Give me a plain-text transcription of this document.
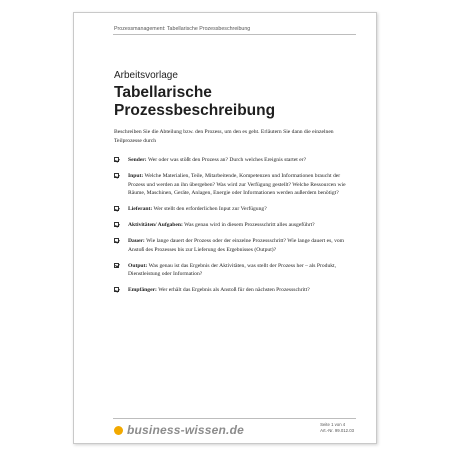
Prozessmanagement: Tabellarische Prozessbeschreibung
Arbeitsvorlage
Tabellarische
Prozessbeschreibung
Beschreiben Sie die Abteilung bzw. den Prozess, um den es geht. Erläutern Sie dann die einzelnen Teilprozesse durch
Sender: Wer oder was stößt den Prozess an? Durch welches Ereignis startet er?
Input: Welche Materialien, Teile, Mitarbeitende, Kompetenzen und Informationen braucht der Prozess und werden an ihn übergeben? Was wird zur Verfügung gestellt? Welche Ressourcen wie Räume, Maschinen, Geräte, Anlagen, Energie oder Informationen werden außerdem benötigt?
Lieferant: Wer stellt den erforderlichen Input zur Verfügung?
Aktivitäten/ Aufgaben: Was genau wird in diesem Prozessschritt alles ausgeführt?
Dauer: Wie lange dauert der Prozess oder der einzelne Prozessschritt? Wie lange dauert es, vom Anstoß des Prozesses bis zur Lieferung des Ergebnisses (Output)?
Output: Was genau ist das Ergebnis der Aktivitäten, was stellt der Prozess her – als Produkt, Dienstleistung oder Information?
Empfänger: Wer erhält das Ergebnis als Anstoß für den nächsten Prozessschritt?
business-wissen.de	Seite 1 von 4
Art.-Nr. 99.012.03
